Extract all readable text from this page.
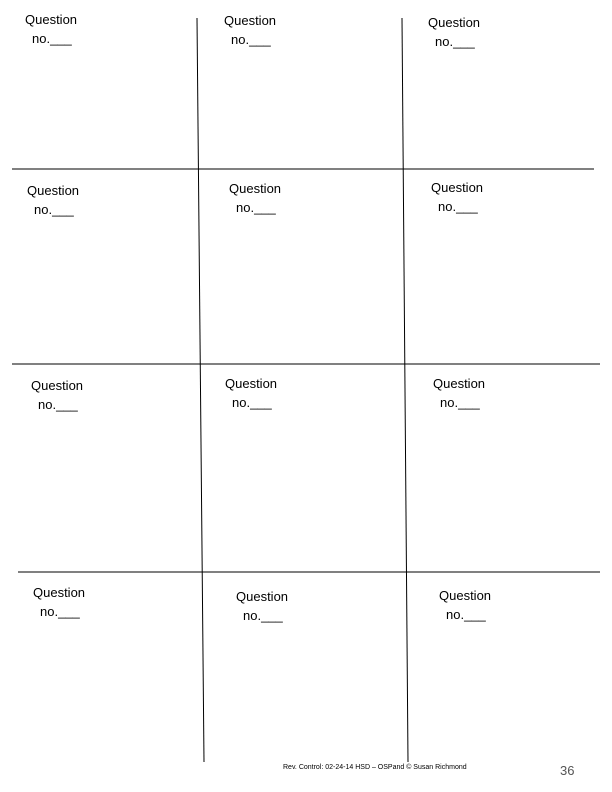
Question
no.___
Question
no.___
Question
no.___
Question
no.___
Question
no.___
Question
no.___
Question
no.___
Question
no.___
Question
no.___
Question
no.___
Question
no.___
Question
no.___
Rev. Control: 02-24-14 HSD – OSPand © Susan Richmond	36
